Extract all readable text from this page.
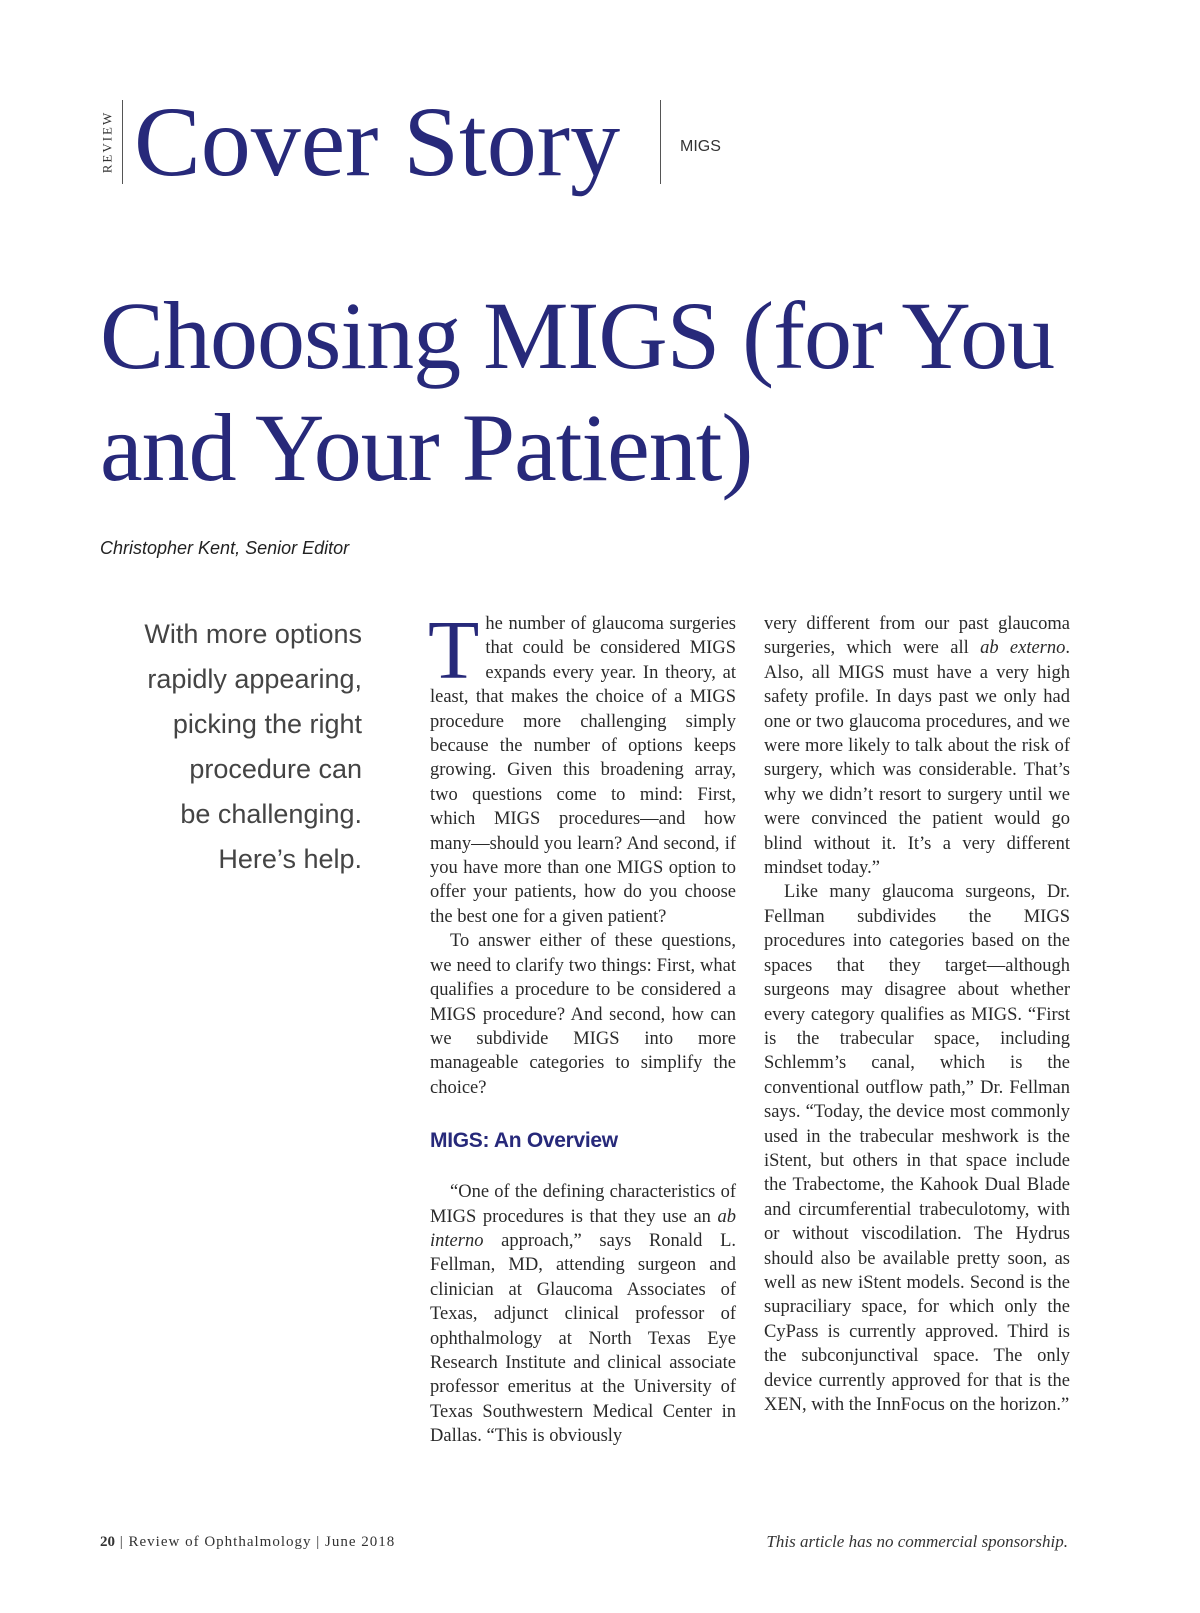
REVIEW Cover Story	MIGS
Choosing MIGS (for You and Your Patient)
Christopher Kent, Senior Editor
With more options
rapidly appearing,
picking the right
procedure can
be challenging.
Here’s help.

The number of glaucoma surgeries that could be considered MIGS expands every year. In theory, at least, that makes the choice of a MIGS procedure more challenging simply because the number of options keeps growing. Given this broadening array, two questions come to mind: First, which MIGS procedures—and how many—should you learn? And second, if you have more than one MIGS option to offer your patients, how do you choose the best one for a given patient?

To answer either of these questions, we need to clarify two things: First, what qualifies a procedure to be considered a MIGS procedure? And second, how can we subdivide MIGS into more manageable categories to simplify the choice?

MIGS: An Overview

“One of the defining characteristics of MIGS procedures is that they use an ab interno approach,” says Ronald L. Fellman, MD, attending surgeon and clinician at Glaucoma Associates of Texas, adjunct clinical professor of ophthalmology at North Texas Eye Research Institute and clinical associate professor emeritus at the University of Texas Southwestern Medical Center in Dallas. “This is obviously

very different from our past glaucoma surgeries, which were all ab externo. Also, all MIGS must have a very high safety profile. In days past we only had one or two glaucoma procedures, and we were more likely to talk about the risk of surgery, which was considerable. That’s why we didn’t resort to surgery until we were convinced the patient would go blind without it. It’s a very different mindset today.”

Like many glaucoma surgeons, Dr. Fellman subdivides the MIGS procedures into categories based on the spaces that they target—although surgeons may disagree about whether every category qualifies as MIGS. “First is the trabecular space, including Schlemm’s canal, which is the conventional outflow path,” Dr. Fellman says. “Today, the device most commonly used in the trabecular meshwork is the iStent, but others in that space include the Trabectome, the Kahook Dual Blade and circumferential trabeculotomy, with or without viscodilation. The Hydrus should also be available pretty soon, as well as new iStent models. Second is the supraciliary space, for which only the CyPass is currently approved. Third is the subconjunctival space. The only device currently approved for that is the XEN, with the InnFocus on the horizon.”

20 | Review of Ophthalmology | June 2018	This article has no commercial sponsorship.
